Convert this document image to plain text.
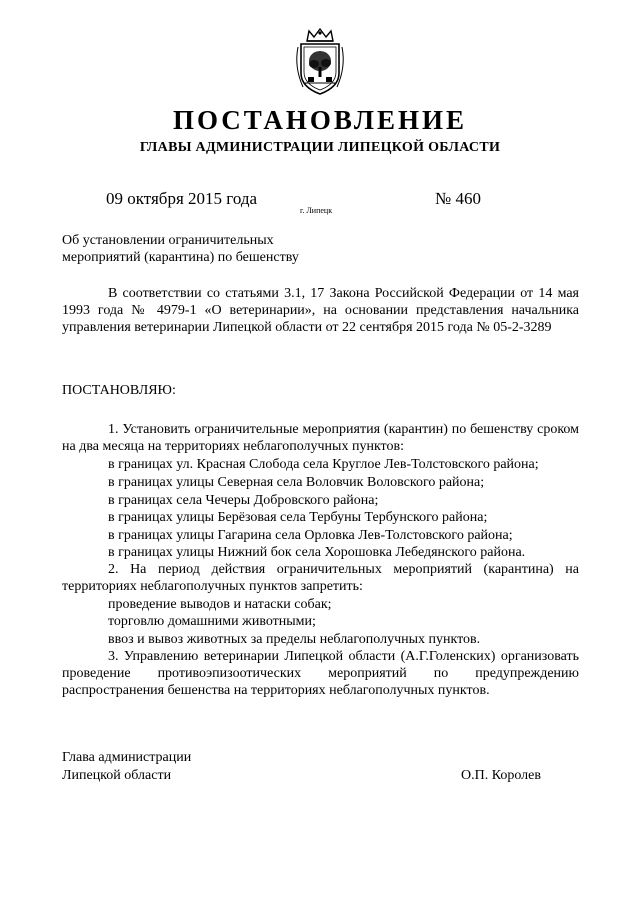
ПОСТАНОВЛЕНИЕ
ГЛАВЫ АДМИНИСТРАЦИИ ЛИПЕЦКОЙ ОБЛАСТИ
09 октября 2015 года
г. Липецк
№ 460
Об установлении ограничительных
мероприятий (карантина) по бешенству
В соответствии со статьями 3.1, 17 Закона Российской Федерации от 14 мая 1993 года № 4979-1 «О ветеринарии», на основании представления начальника управления ветеринарии Липецкой области от 22 сентября 2015 года № 05-2-3289
ПОСТАНОВЛЯЮ:
1. Установить ограничительные мероприятия (карантин) по бешенству сроком на два месяца на территориях неблагополучных пунктов:
в границах ул. Красная Слобода села Круглое Лев-Толстовского района;
в границах улицы Северная села Воловчик Воловского района;
в границах села Чечеры Добровского района;
в границах улицы Берёзовая села Тербуны Тербунского района;
в границах улицы Гагарина села Орловка Лев-Толстовского района;
в границах улицы Нижний бок села Хорошовка Лебедянского района.
2. На период действия ограничительных мероприятий (карантина) на территориях неблагополучных пунктов запретить:
проведение выводов и натаски собак;
торговлю домашними животными;
ввоз и вывоз животных за пределы неблагополучных пунктов.
3. Управлению ветеринарии Липецкой области (А.Г.Голенских) организовать проведение противоэпизоотических мероприятий по предупреждению распространения бешенства на территориях неблагополучных пунктов.
Глава администрации
Липецкой области	О.П. Королев
